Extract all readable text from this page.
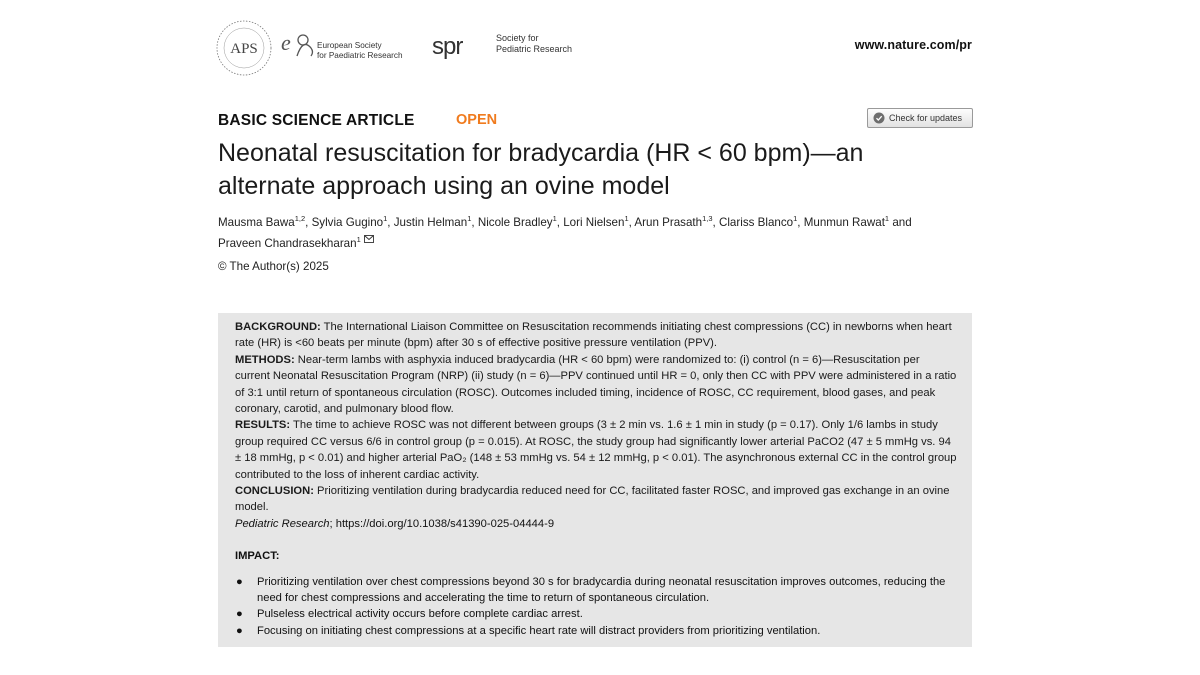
APS e	European Society
for Paediatric Research spr	Society for
Pediatric Research	www.nature.com/pr
BASIC SCIENCE ARTICLE	OPEN	Check for updates
Neonatal resuscitation for bradycardia (HR < 60 bpm)—an
alternate approach using an ovine model
Mausma Bawa$^{1,2}$, Sylvia Gugino$^1$, Justin Helman$^1$, Nicole Bradley$^1$, Lori Nielsen$^1$, Arun Prasath$^{1,3}$, Clariss Blanco$^1$, Munmun Rawat$^1$ and
Praveen Chandrasekharan$^1$
© The Author(s) 2025

BACKGROUND: The International Liaison Committee on Resuscitation recommends initiating chest compressions (CC) in newborns when heart rate (HR) is <60 beats per minute (bpm) after 30 s of effective positive pressure ventilation (PPV).

METHODS: Near-term lambs with asphyxia induced bradycardia (HR < 60 bpm) were randomized to: (i) control (n = 6)—Resuscitation per current Neonatal Resuscitation Program (NRP) (ii) study (n = 6)—PPV continued until HR = 0, only then CC with PPV were administered in a ratio of 3:1 until return of spontaneous circulation (ROSC). Outcomes included timing, incidence of ROSC, CC requirement, blood gases, and peak coronary, carotid, and pulmonary blood flow.

RESULTS: The time to achieve ROSC was not different between groups (3 ± 2 min vs. 1.6 ± 1 min in study (p = 0.17). Only 1/6 lambs in study group required CC versus 6/6 in control group (p = 0.015). At ROSC, the study group had significantly lower arterial PaCO2 (47 ± 5 mmHg vs. 94 ± 18 mmHg, p < 0.01) and higher arterial PaO₂ (148 ± 53 mmHg vs. 54 ± 12 mmHg, p < 0.01). The asynchronous external CC in the control group contributed to the loss of inherent cardiac activity.

CONCLUSION: Prioritizing ventilation during bradycardia reduced need for CC, facilitated faster ROSC, and improved gas exchange in an ovine model.

Pediatric Research; https://doi.org/10.1038/s41390-025-04444-9
IMPACT:
● Prioritizing ventilation over chest compressions beyond 30 s for bradycardia during neonatal resuscitation improves outcomes, reducing the need for chest compressions and accelerating the time to return of spontaneous circulation.
● Pulseless electrical activity occurs before complete cardiac arrest.
● Focusing on initiating chest compressions at a specific heart rate will distract providers from prioritizing ventilation.
